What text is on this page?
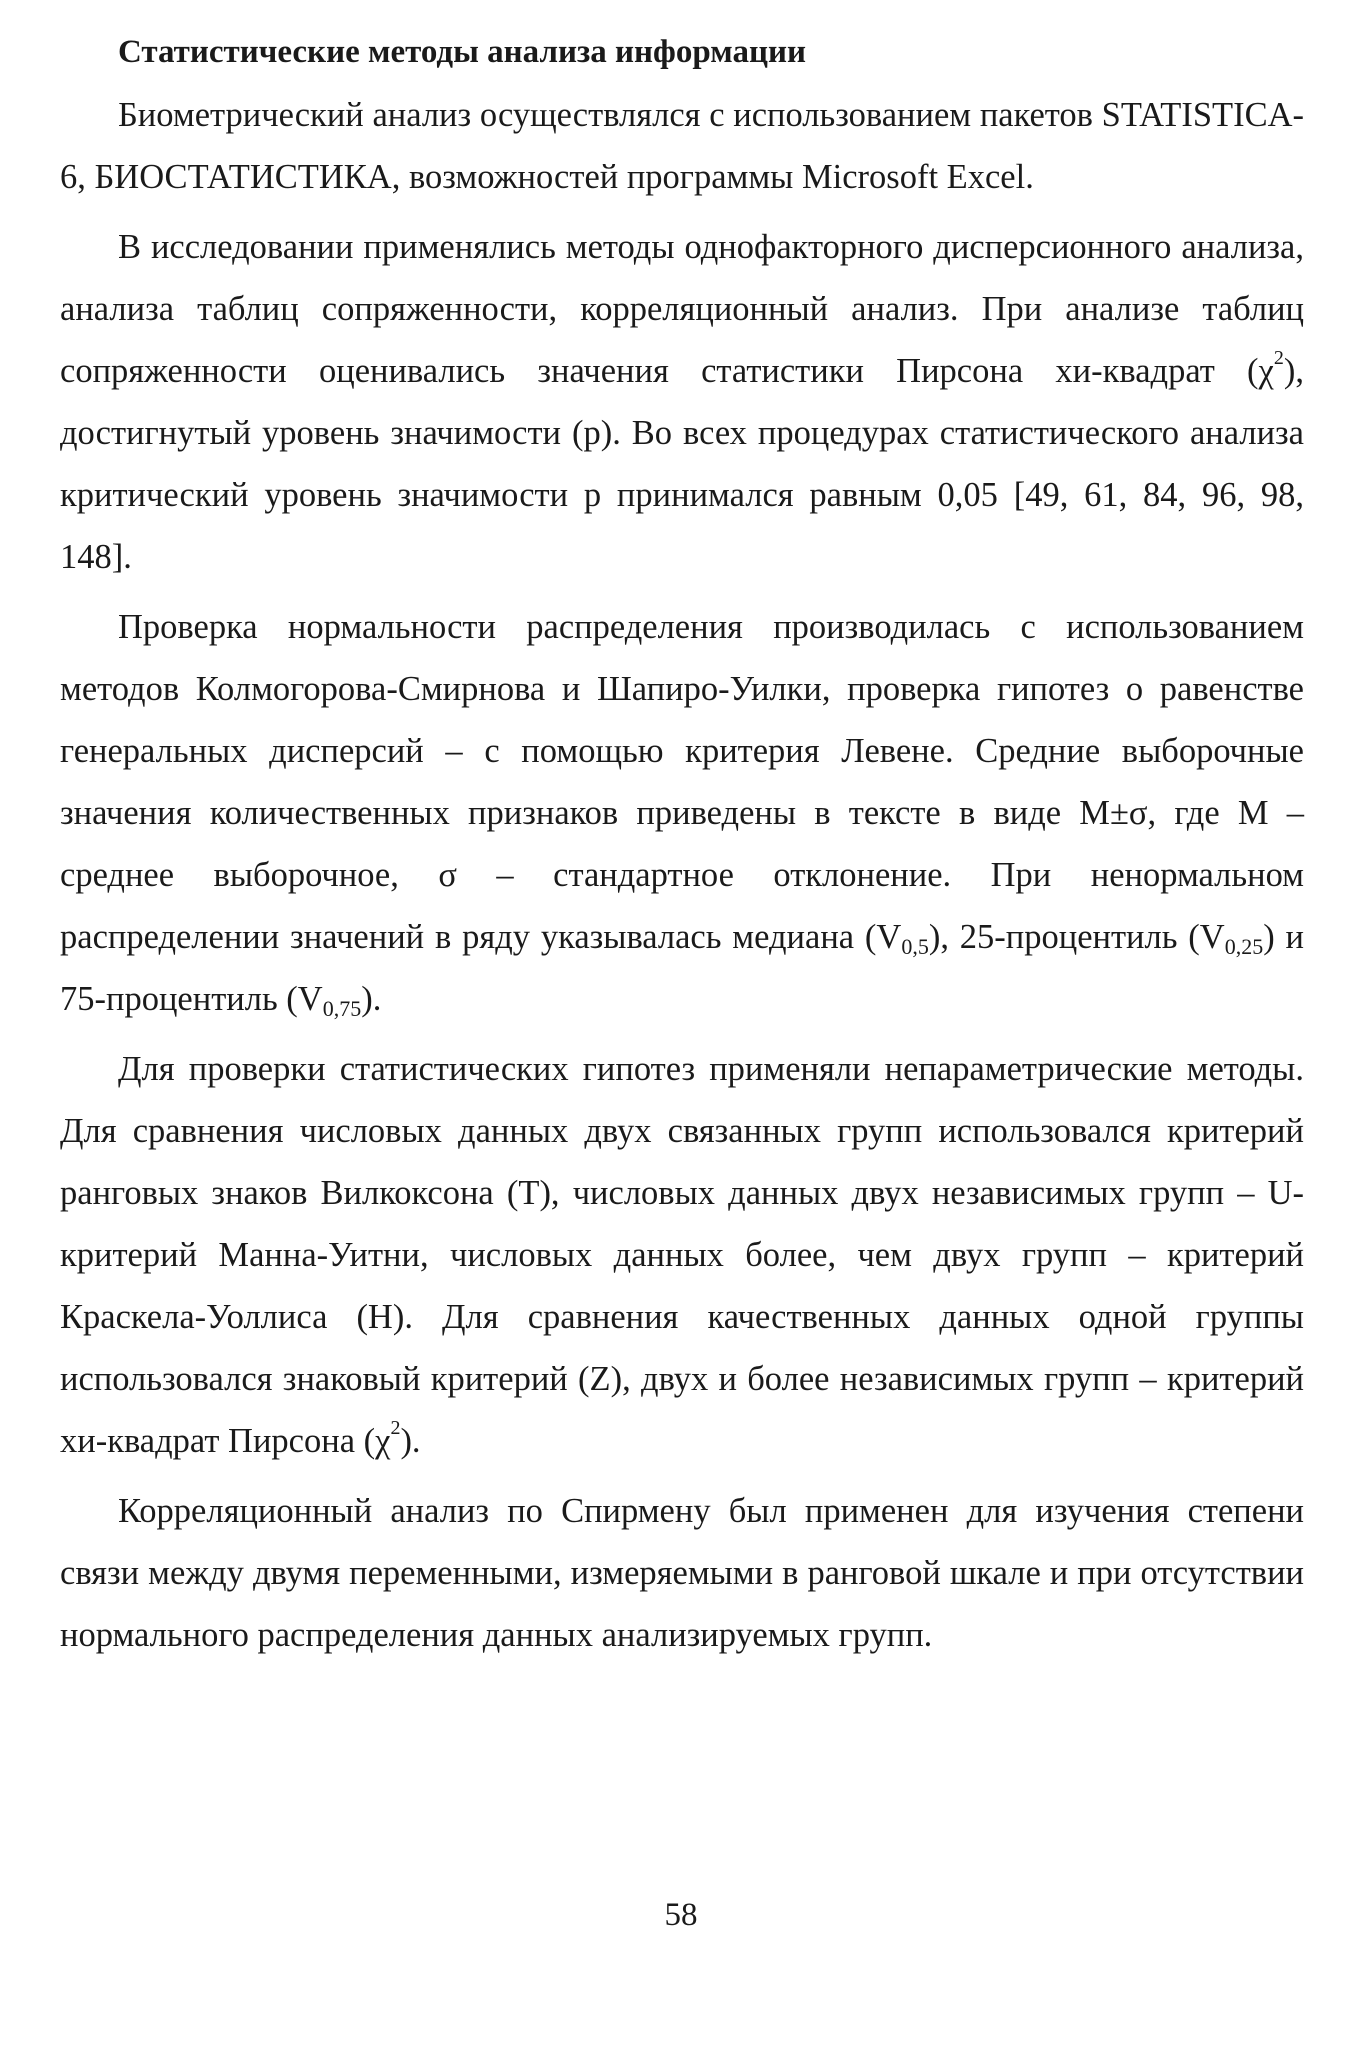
Статистические методы анализа информации

Биометрический анализ осуществлялся с использованием пакетов STATISTICA-6, БИОСТАТИСТИКА, возможностей программы Microsoft Excel.

В исследовании применялись методы однофакторного дисперсионного анализа, анализа таблиц сопряженности, корреляционный анализ. При анализе таблиц сопряженности оценивались значения статистики Пирсона хи-квадрат $(\chi^2)$, достигнутый уровень значимости (р). Во всех процедурах статистического анализа критический уровень значимости р принимался равным 0,05 [49, 61, 84, 96, 98, 148].

Проверка нормальности распределения производилась с использованием методов Колмогорова-Смирнова и Шапиро-Уилки, проверка гипотез о равенстве генеральных дисперсий – с помощью критерия Левене. Средние выборочные значения количественных признаков приведены в тексте в виде М±σ, где М – среднее выборочное, σ – стандартное отклонение. При ненормальном распределении значений в ряду указывалась медиана $(V_{0,5})$, 25-процентиль $(V_{0,25})$ и 75-процентиль $(V_{0,75})$.

Для проверки статистических гипотез применяли непараметрические методы. Для сравнения числовых данных двух связанных групп использовался критерий ранговых знаков Вилкоксона (Т), числовых данных двух независимых групп – U-критерий Манна-Уитни, числовых данных более, чем двух групп – критерий Краскела-Уоллиса (Н). Для сравнения качественных данных одной группы использовался знаковый критерий (Z), двух и более независимых групп – критерий хи-квадрат Пирсона $(\chi^2)$.

Корреляционный анализ по Спирмену был применен для изучения степени связи между двумя переменными, измеряемыми в ранговой шкале и при отсутствии нормального распределения данных анализируемых групп.

58
